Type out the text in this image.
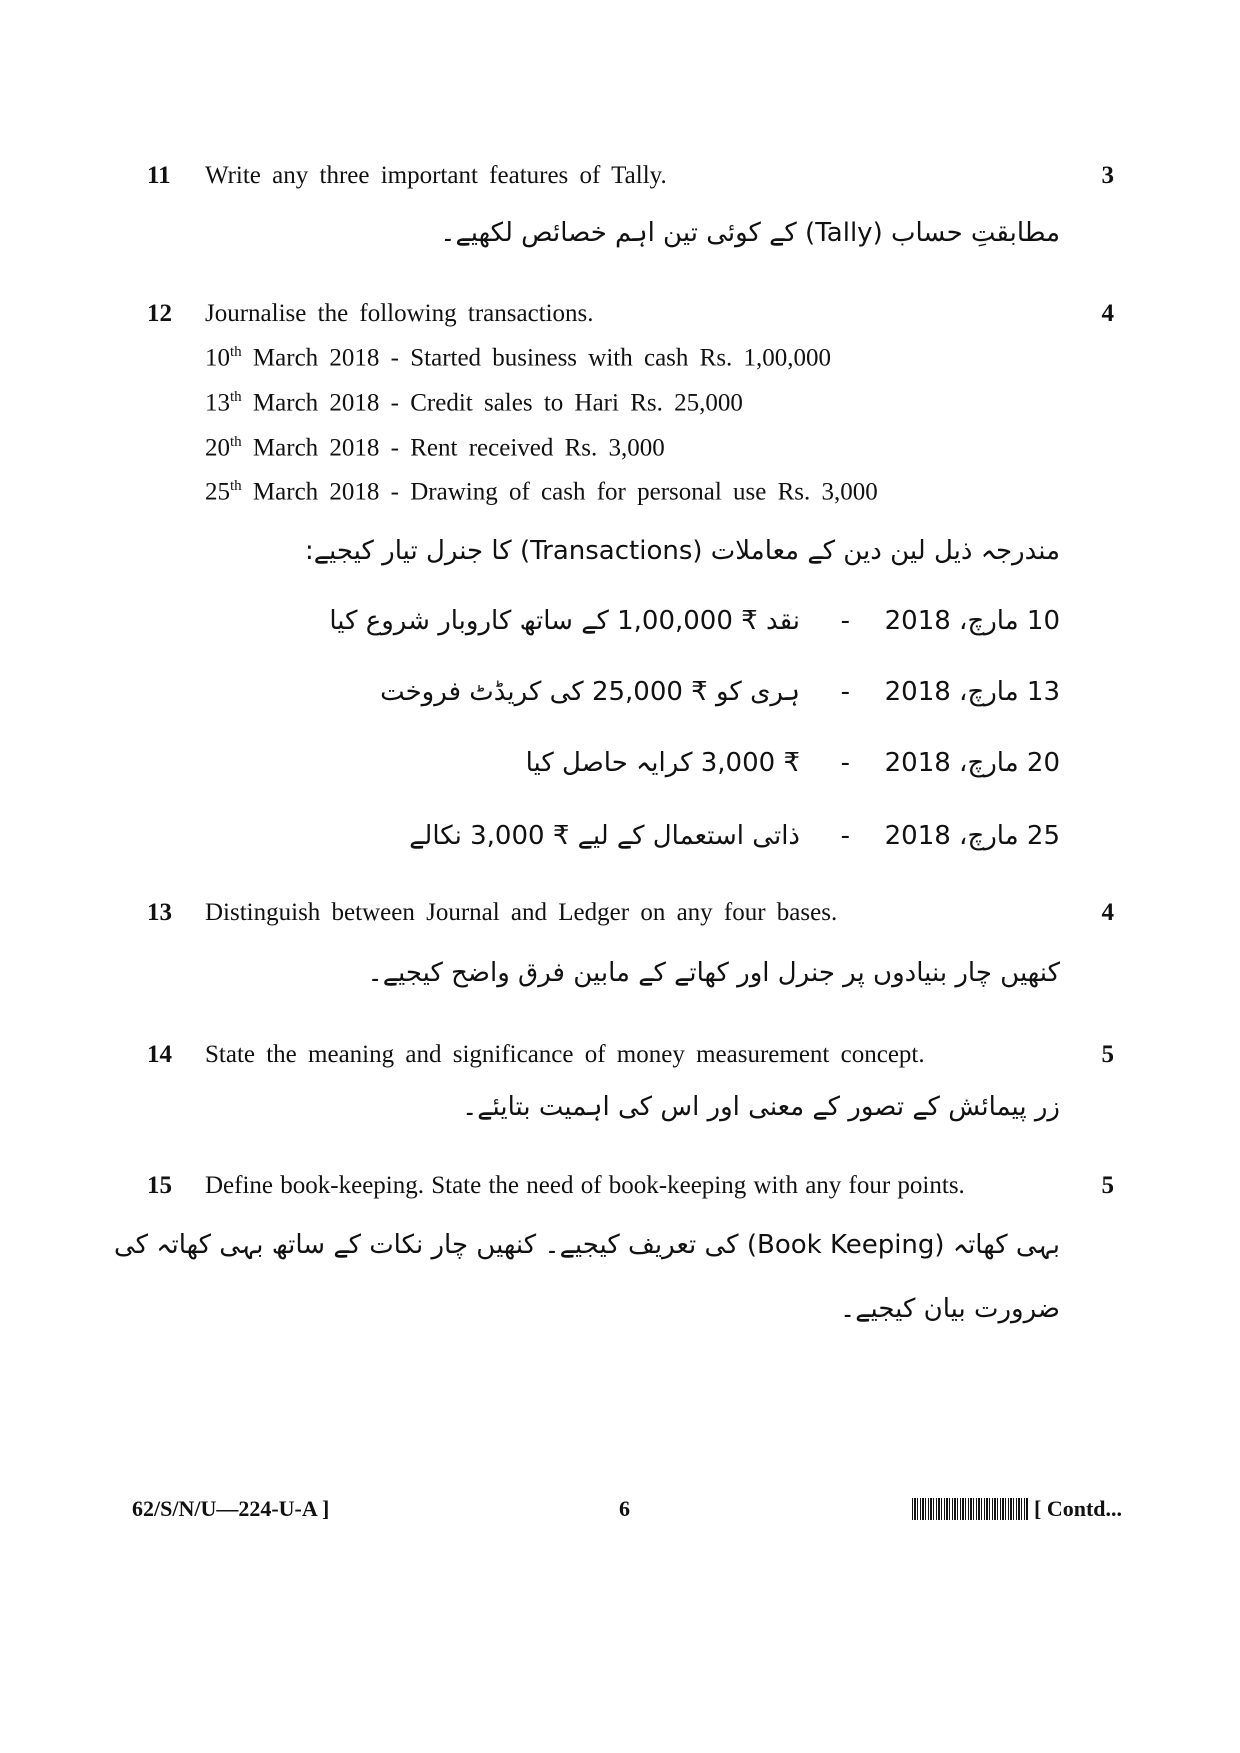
11 Write any three important features of Tally.	3
مطابقتِ حساب (Tally) کے کوئی تین اہم خصائص لکھیے۔
12 Journalise the following transactions.	4
10th March 2018 - Started business with cash Rs. 1,00,000
13th March 2018 - Credit sales to Hari Rs. 25,000
20th March 2018 - Rent received Rs. 3,000
25th March 2018 - Drawing of cash for personal use Rs. 3,000
مندرجہ ذیل لین دین کے معاملات (Transactions) کا جنرل تیار کیجیے:
10 مارچ، 2018
-
نقد ₹ 1,00,000 کے ساتھ کاروبار شروع کیا
13 مارچ، 2018
-
ہری کو ₹ 25,000 کی کریڈٹ فروخت
20 مارچ، 2018
-
₹ 3,000 کرایہ حاصل کیا
25 مارچ، 2018
-
ذاتی استعمال کے لیے ₹ 3,000 نکالے
13 Distinguish between Journal and Ledger on any four bases.	4
کنھیں چار بنیادوں پر جنرل اور کھاتے کے مابین فرق واضح کیجیے۔
14 State the meaning and significance of money measurement concept.	5
زر پیمائش کے تصور کے معنی اور اس کی اہمیت بتایئے۔
15 Define book-keeping. State the need of book-keeping with any four points.	5
بہی کھاتہ (Book Keeping) کی تعریف کیجیے۔ کنھیں چار نکات کے ساتھ بہی کھاتہ کی
ضرورت بیان کیجیے۔
62/S/N/U—224-U-A ]	6	[ Contd...
